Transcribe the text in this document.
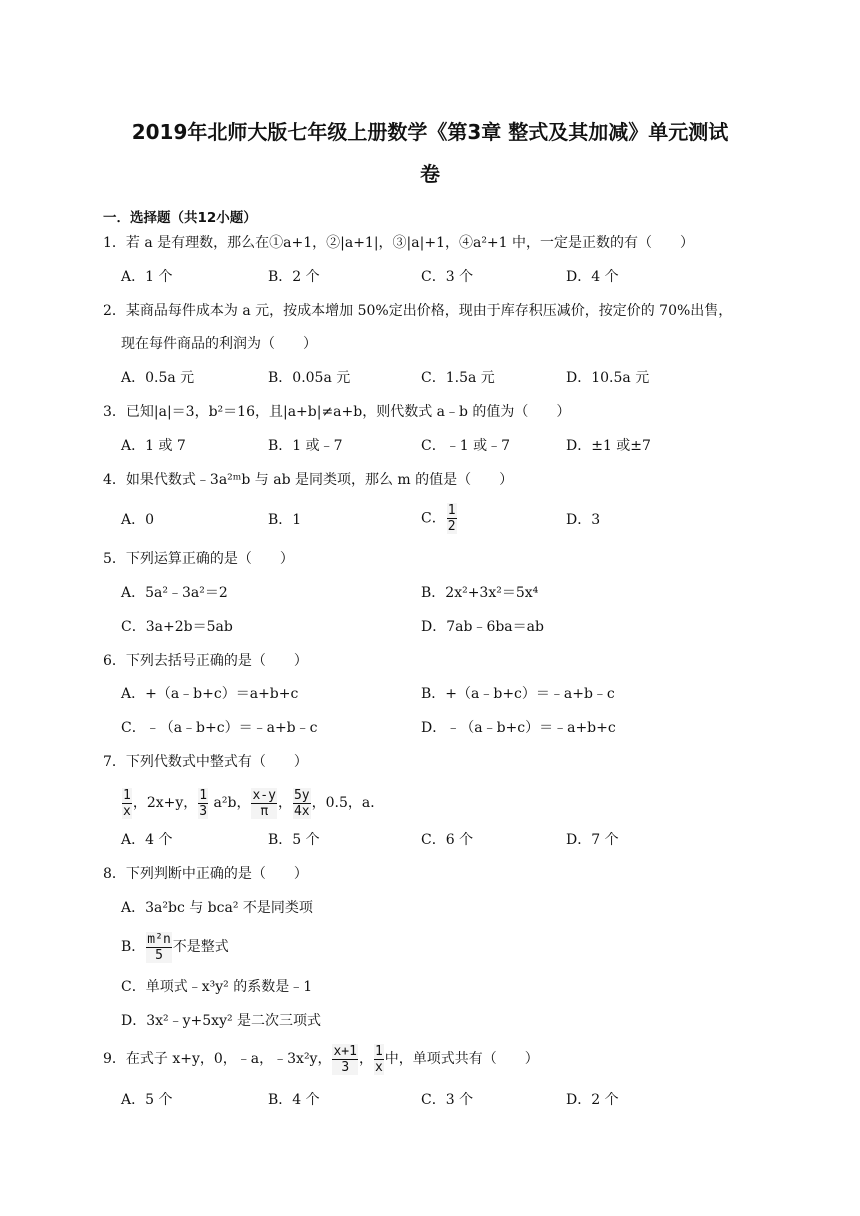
2019年北师大版七年级上册数学《第3章 整式及其加减》单元测试
卷
一．选择题（共12小题）
1．若 a 是有理数，那么在①a+1，②|a+1|，③|a|+1，④a²+1 中，一定是正数的有（　　）
A．1 个	B．2 个	C．3 个	D．4 个
2．某商品每件成本为 a 元，按成本增加 50%定出价格，现由于库存积压减价，按定价的 70%出售，
现在每件商品的利润为（　　）
A．0.5a 元	B．0.05a 元	C．1.5a 元	D．10.5a 元
3．已知|a|＝3，b²＝16，且|a+b|≠a+b，则代数式 a﹣b 的值为（　　）
A．1 或 7	B．1 或﹣7	C．﹣1 或﹣7	D．±1 或±7
4．如果代数式﹣3a²ᵐb 与 ab 是同类项，那么 m 的值是（　　）
A．0	B．1	C． $\frac{1}{2}$	D．3
5．下列运算正确的是（　　）
A．5a²﹣3a²＝2	B．2x²+3x²＝5x⁴
C．3a+2b＝5ab	D．7ab﹣6ba＝ab
6．下列去括号正确的是（　　）
A．+（a﹣b+c）＝a+b+c	B．+（a﹣b+c）＝﹣a+b﹣c
C．﹣（a﹣b+c）＝﹣a+b﹣c	D．﹣（a﹣b+c）＝﹣a+b+c
7．下列代数式中整式有（　　）
$\frac{1}{x}$ ，2x+y， $\frac{1}{3} a^2b$， $\frac{x-y}{\pi}$ ， $\frac{5y}{4x}$ ，0.5，a．
A．4 个	B．5 个	C．6 个	D．7 个
8．下列判断中正确的是（　　）
A．3a²bc 与 bca² 不是同类项
B． $\frac{\text{m²n}}{5}$ 不是整式
C．单项式﹣x³y² 的系数是﹣1
D．3x²﹣y+5xy² 是二次三项式
9．在式子 x+y，0，﹣a，﹣3x²y， $\frac{x+1}{3}$ ， $\frac{1}{x}$ 中，单项式共有（　　）
A．5 个	B．4 个	C．3 个	D．2 个
